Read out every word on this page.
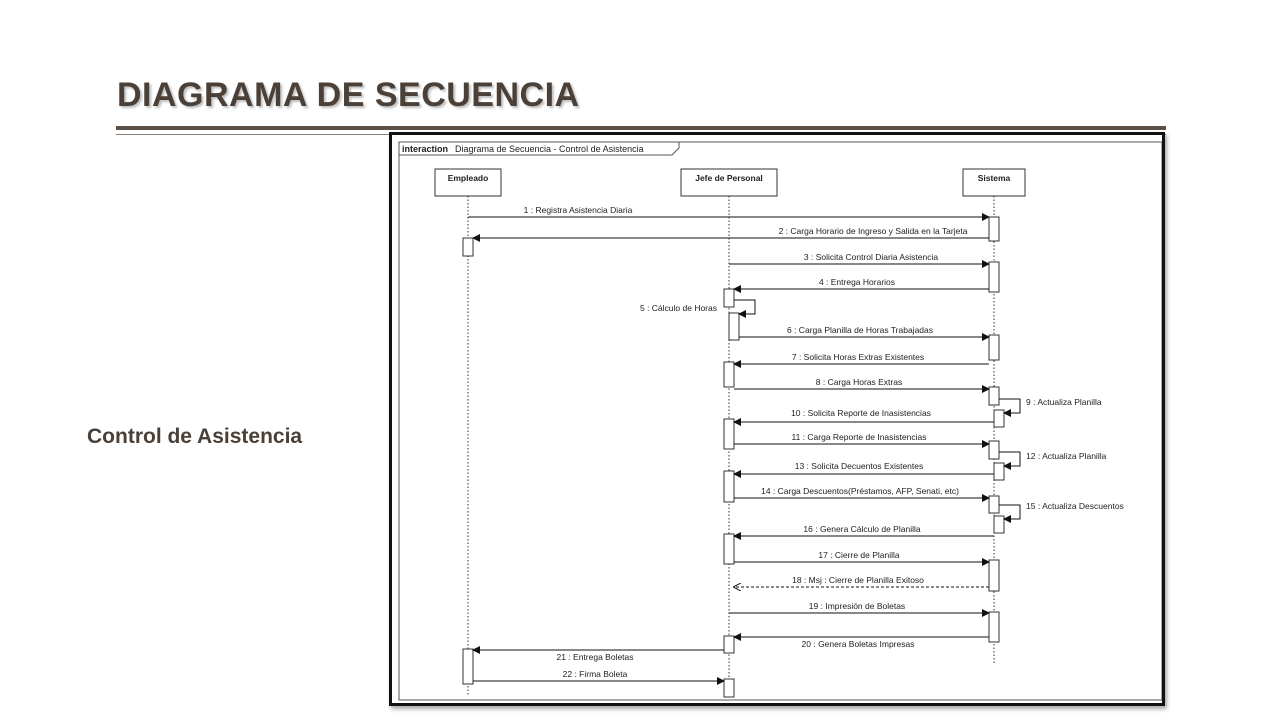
DIAGRAMA DE SECUENCIA
Control de Asistencia
interaction Diagrama de Secuencia - Control de Asistencia
Empleado	Jefe de Personal	Sistema
1 : Registra Asistencia Diaria
2 : Carga Horario de Ingreso y Salida en la Tarjeta
3 : Solicita Control Diaria Asistencia
4 : Entrega Horarios
5 : Cálculo de Horas
6 : Carga Planilla de Horas Trabajadas
7 : Solicita Horas Extras Existentes
8 : Carga Horas Extras
9 : Actualiza Planilla
10 : Solicita Reporte de Inasistencias
11 : Carga Reporte de Inasistencias
12 : Actualiza Planilla
13 : Solicita Decuentos Existentes
14 : Carga Descuentos(Préstamos, AFP, Senati, etc)
15 : Actualiza Descuentos
16 : Genera Cálculo de Planilla
17 : Cierre de Planilla
18 : Msj : Cierre de Planilla Exitoso
19 : Impresión de Boletas
20 : Genera Boletas Impresas
21 : Entrega Boletas
22 : Firma Boleta
